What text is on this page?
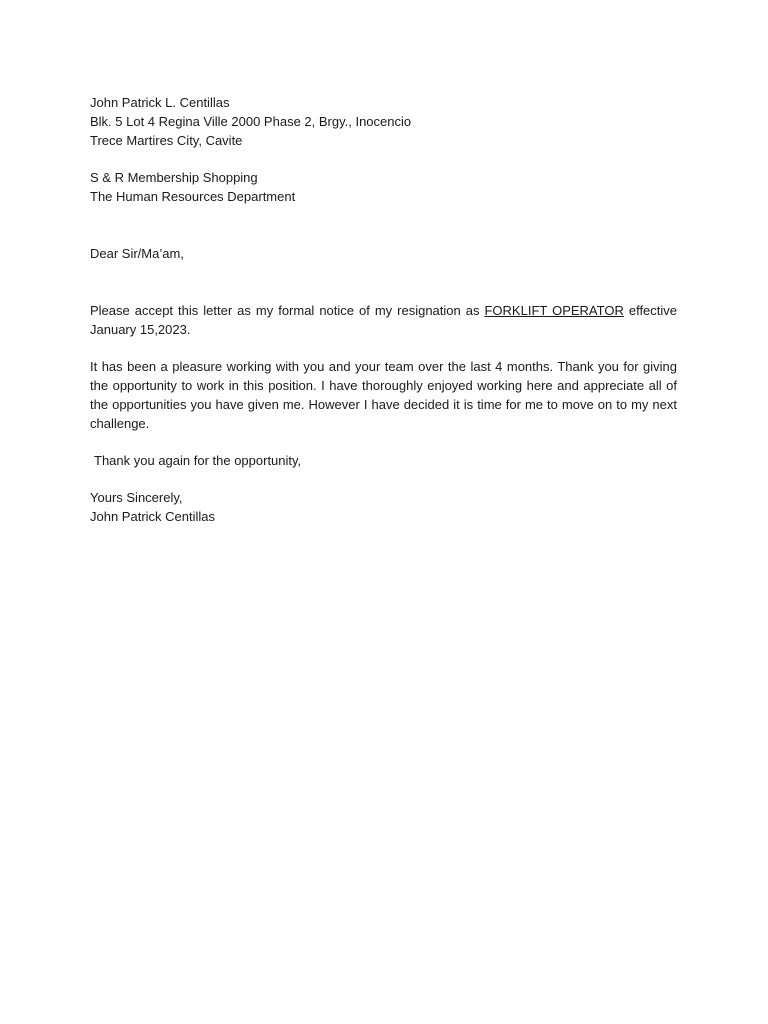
John Patrick L. Centillas
Blk. 5 Lot 4 Regina Ville 2000 Phase 2, Brgy., Inocencio
Trece Martires City, Cavite
S & R Membership Shopping
The Human Resources Department
Dear Sir/Ma’am,

Please accept this letter as my formal notice of my resignation as FORKLIFT OPERATOR effective January 15,2023.

It has been a pleasure working with you and your team over the last 4 months. Thank you for giving the opportunity to work in this position. I have thoroughly enjoyed working here and appreciate all of the opportunities you have given me. However I have decided it is time for me to move on to my next challenge.

Thank you again for the opportunity,
Yours Sincerely,
John Patrick Centillas
